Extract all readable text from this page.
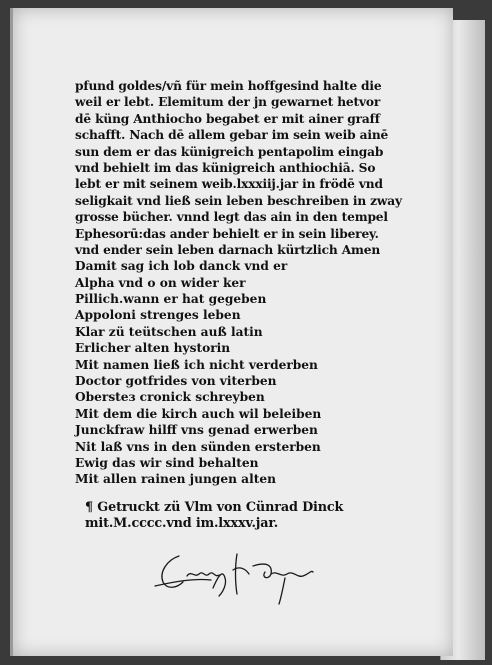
pfund goldes/vñ für mein hoffgesind halte die
weil er lebt. Elemitum der jn gewarnet hetvor
dē küng Anthiocho begabet er mit ainer graff
schafft. Nach dē allem gebar im sein weib ainē
sun dem er das künigreich pentapolim eingab
vnd behielt im das künigreich anthiochiā. So
lebt er mit seinem weib.lxxxiij.jar in frödē vnd
seligkait vnd ließ sein leben beschreiben in zway
grosse bücher. vnnd legt das ain in den tempel
Ephesorū:das ander behielt er in sein liberey.
vnd ender sein leben darnach kürtzlich Amen
Damit sag ich lob danck vnd er
Alpha vnd o on wider ker
Pillich.wann er hat gegeben
Appoloni strenges leben
Klar zü teütschen auß latin
Erlicher alten hystorin
Mit namen ließ ich nicht verderben
Doctor gotfrides von viterben
Obersteɜ cronick schreyben
Mit dem die kirch auch wil beleiben
Junckfraw hilff vns genad erwerben
Nit laß vns in den sünden ersterben
Ewig das wir sind behalten
Mit allen rainen jungen alten
¶ Getruckt zü Vlm von Cünrad Dinck
mit.M.cccc.vnd im.lxxxv.jar.
